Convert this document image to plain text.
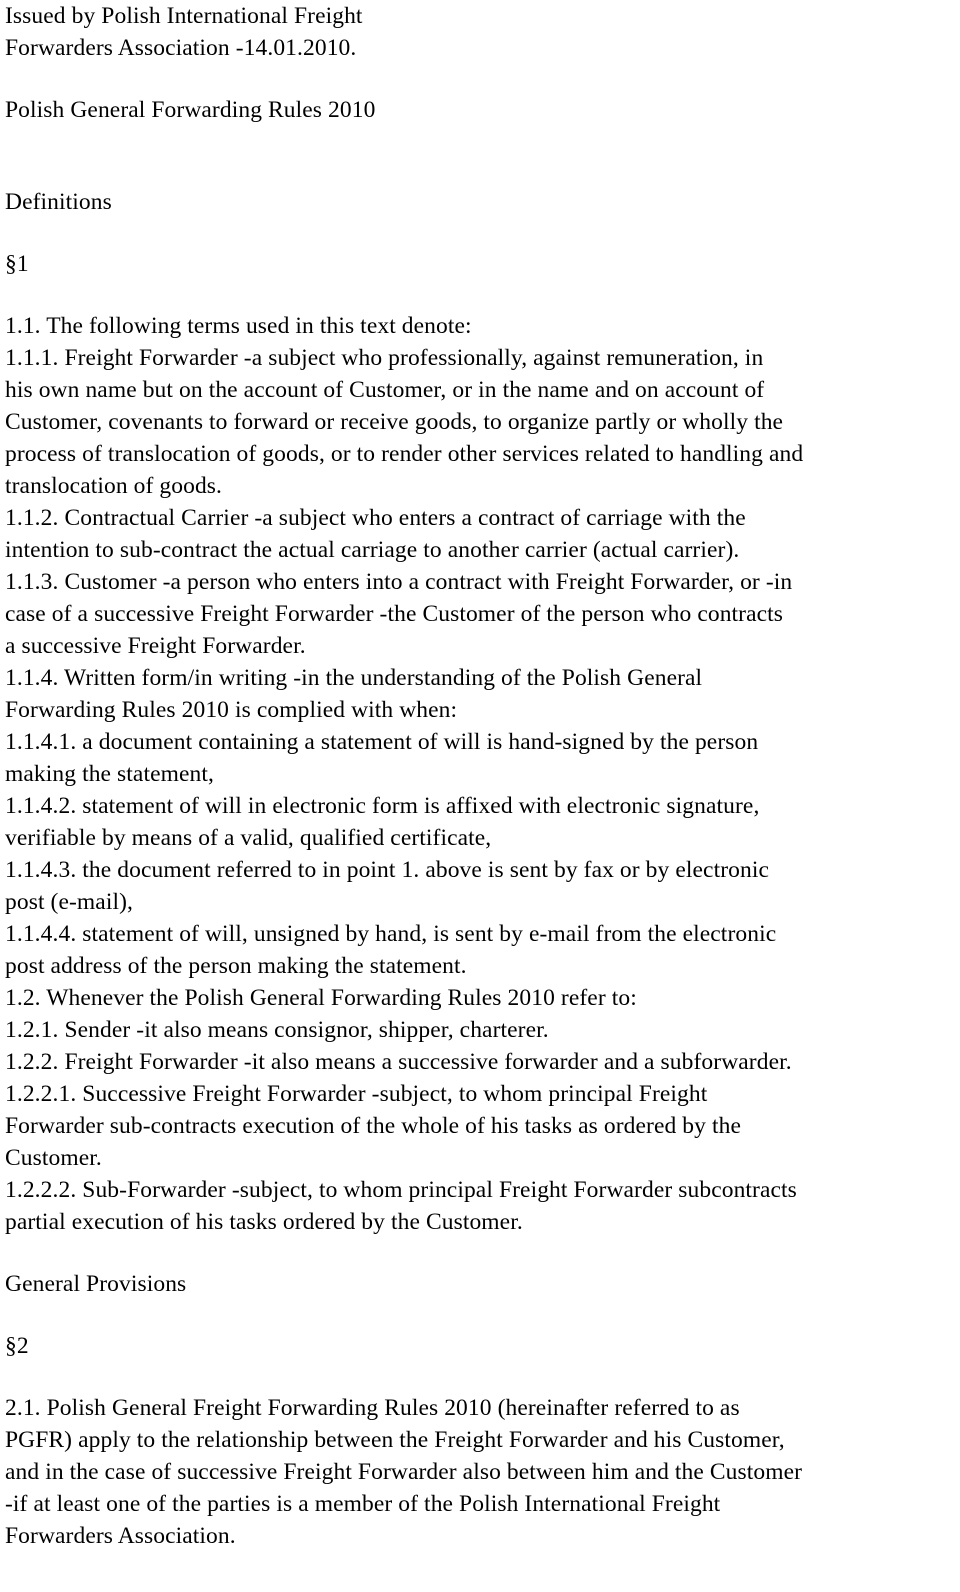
Issued by Polish International Freight
Forwarders Association -14.01.2010.
Polish General Forwarding Rules 2010
Definitions
§1
1.1. The following terms used in this text denote:
1.1.1. Freight Forwarder -a subject who professionally, against remuneration, in
his own name but on the account of Customer, or in the name and on account of
Customer, covenants to forward or receive goods, to organize partly or wholly the
process of translocation of goods, or to render other services related to handling and
translocation of goods.
1.1.2. Contractual Carrier -a subject who enters a contract of carriage with the
intention to sub-contract the actual carriage to another carrier (actual carrier).
1.1.3. Customer -a person who enters into a contract with Freight Forwarder, or -in
case of a successive Freight Forwarder -the Customer of the person who contracts
a successive Freight Forwarder.
1.1.4. Written form/in writing -in the understanding of the Polish General
Forwarding Rules 2010 is complied with when:
1.1.4.1. a document containing a statement of will is hand-signed by the person
making the statement,
1.1.4.2. statement of will in electronic form is affixed with electronic signature,
verifiable by means of a valid, qualified certificate,
1.1.4.3. the document referred to in point 1. above is sent by fax or by electronic
post (e-mail),
1.1.4.4. statement of will, unsigned by hand, is sent by e-mail from the electronic
post address of the person making the statement.
1.2. Whenever the Polish General Forwarding Rules 2010 refer to:
1.2.1. Sender -it also means consignor, shipper, charterer.
1.2.2. Freight Forwarder -it also means a successive forwarder and a subforwarder.
1.2.2.1. Successive Freight Forwarder -subject, to whom principal Freight
Forwarder sub-contracts execution of the whole of his tasks as ordered by the
Customer.
1.2.2.2. Sub-Forwarder -subject, to whom principal Freight Forwarder subcontracts
partial execution of his tasks ordered by the Customer.
General Provisions
§2
2.1. Polish General Freight Forwarding Rules 2010 (hereinafter referred to as
PGFR) apply to the relationship between the Freight Forwarder and his Customer,
and in the case of successive Freight Forwarder also between him and the Customer
-if at least one of the parties is a member of the Polish International Freight
Forwarders Association.
